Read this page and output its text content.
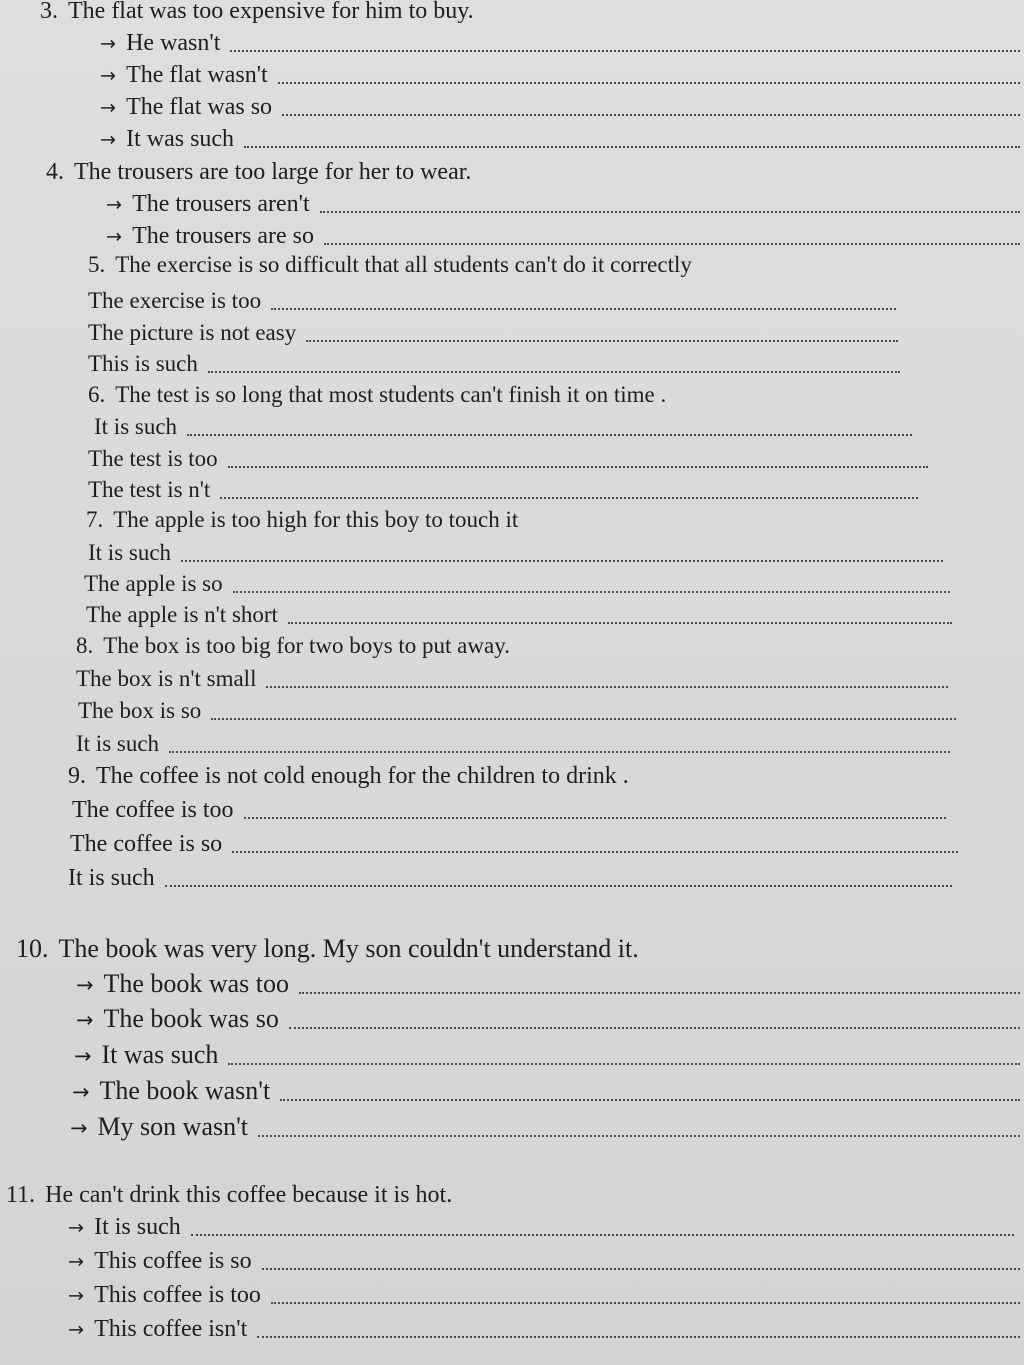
3. The flat was too expensive for him to buy.
→ He wasn't
→ The flat wasn't
→ The flat was so
→ It was such
4. The trousers are too large for her to wear.
→ The trousers aren't
→ The trousers are so
5. The exercise is so difficult that all students can't do it correctly
The exercise is too
The picture is not easy
This is such
6. The test is so long that most students can't finish it on time .
It is such
The test is too
The test is n't
7. The apple is too high for this boy to touch it
It is such
The apple is so
The apple is n't short
8. The box is too big for two boys to put away.
The box is n't small
The box is so
It is such
9. The coffee is not cold enough for the children to drink .
The coffee is too
The coffee is so
It is such
10. The book was very long. My son couldn't understand it.
→ The book was too
→ The book was so
→ It was such
→ The book wasn't
→ My son wasn't
11. He can't drink this coffee because it is hot.
→ It is such
→ This coffee is so
→ This coffee is too
→ This coffee isn't
